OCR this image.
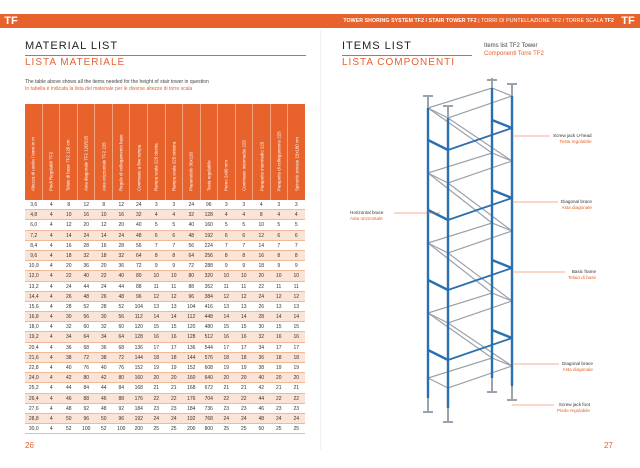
TF	TF
TOWER SHORING SYSTEM TF2 / STAIR TOWER TF2 | TORRI DI PUNTELLAZIONE TF2 / TORRE SCALA TF2
MATERIAL LIST
LISTA MATERIALE
The table above shows all the items needed for the height of stair tower in question
In tabella è indicata la lista del materiale per le diverse altezze di torre scala
Altezza di uscita / torre in m	Piedi Regolabili TF2	Telaio di base TF2 120 cm	Asta diagonale TF2 120/225	Asta orizzontale TF2 225	Regolo di collegamento base	Corrimano a fine rampa	Rampa scala 225 destra	Rampa scala 225 sinistra	Pianerottolo 30x120	Testa regolabile	Perno 2x60 mm	Corrimano intermedio 225	Parapetto intermedio 225	Parapetto di collegamento 225	Spinotto zincato 15x180 cm
3,6	4	8	12	8	12	24	3	3	24	96	3	3	4	3	3
4,8	4	10	16	10	16	32	4	4	32	128	4	4	8	4	4
6,0	4	12	20	12	20	40	5	5	40	160	5	5	10	5	5
7,2	4	14	24	14	24	48	6	6	48	192	6	6	12	6	6
8,4	4	16	28	16	28	56	7	7	56	224	7	7	14	7	7
9,6	4	18	32	18	32	64	8	8	64	256	8	8	16	8	8
10,9	4	20	36	20	36	72	9	9	72	288	9	9	18	9	9
12,0	4	22	40	22	40	80	10	10	80	320	10	10	20	10	10
13,2	4	24	44	24	44	88	11	11	88	352	11	11	22	11	11
14,4	4	26	48	26	48	96	12	12	96	384	12	12	24	12	12
15,6	4	28	52	28	52	104	13	13	104	416	13	13	26	13	13
16,8	4	30	56	30	56	112	14	14	112	448	14	14	28	14	14
18,0	4	32	60	32	60	120	15	15	120	480	15	15	30	15	15
19,2	4	34	64	34	64	128	16	16	128	512	16	16	32	16	16
20,4	4	36	68	36	68	136	17	17	136	544	17	17	34	17	17
21,6	4	38	72	38	72	144	18	18	144	576	18	18	36	18	18
22,8	4	40	76	40	76	152	19	19	152	608	19	19	38	19	19
24,0	4	42	80	42	80	160	20	20	160	640	20	20	40	20	20
25,2	4	44	84	44	84	168	21	21	168	672	21	21	42	21	21
26,4	4	46	88	46	88	176	22	22	176	704	22	22	44	22	22
27,6	4	48	92	48	92	184	23	23	184	736	23	23	46	23	23
28,8	4	50	96	50	96	192	24	24	192	768	24	24	48	24	24
30,0	4	52	100	52	100	200	25	25	200	800	25	25	50	25	25
26
ITEMS LIST
LISTA COMPONENTI
Items list TF2 Tower
Componenti Torre TF2
Screw jack U-head
Testa regolabile
Diagonal brace
Asta diagonale
Horizontal brace
Asta orizzontale
Basic frame
Telaio di base
Diagonal brace
Asta diagonale
Screw jack foot
Piede regolabile
27
